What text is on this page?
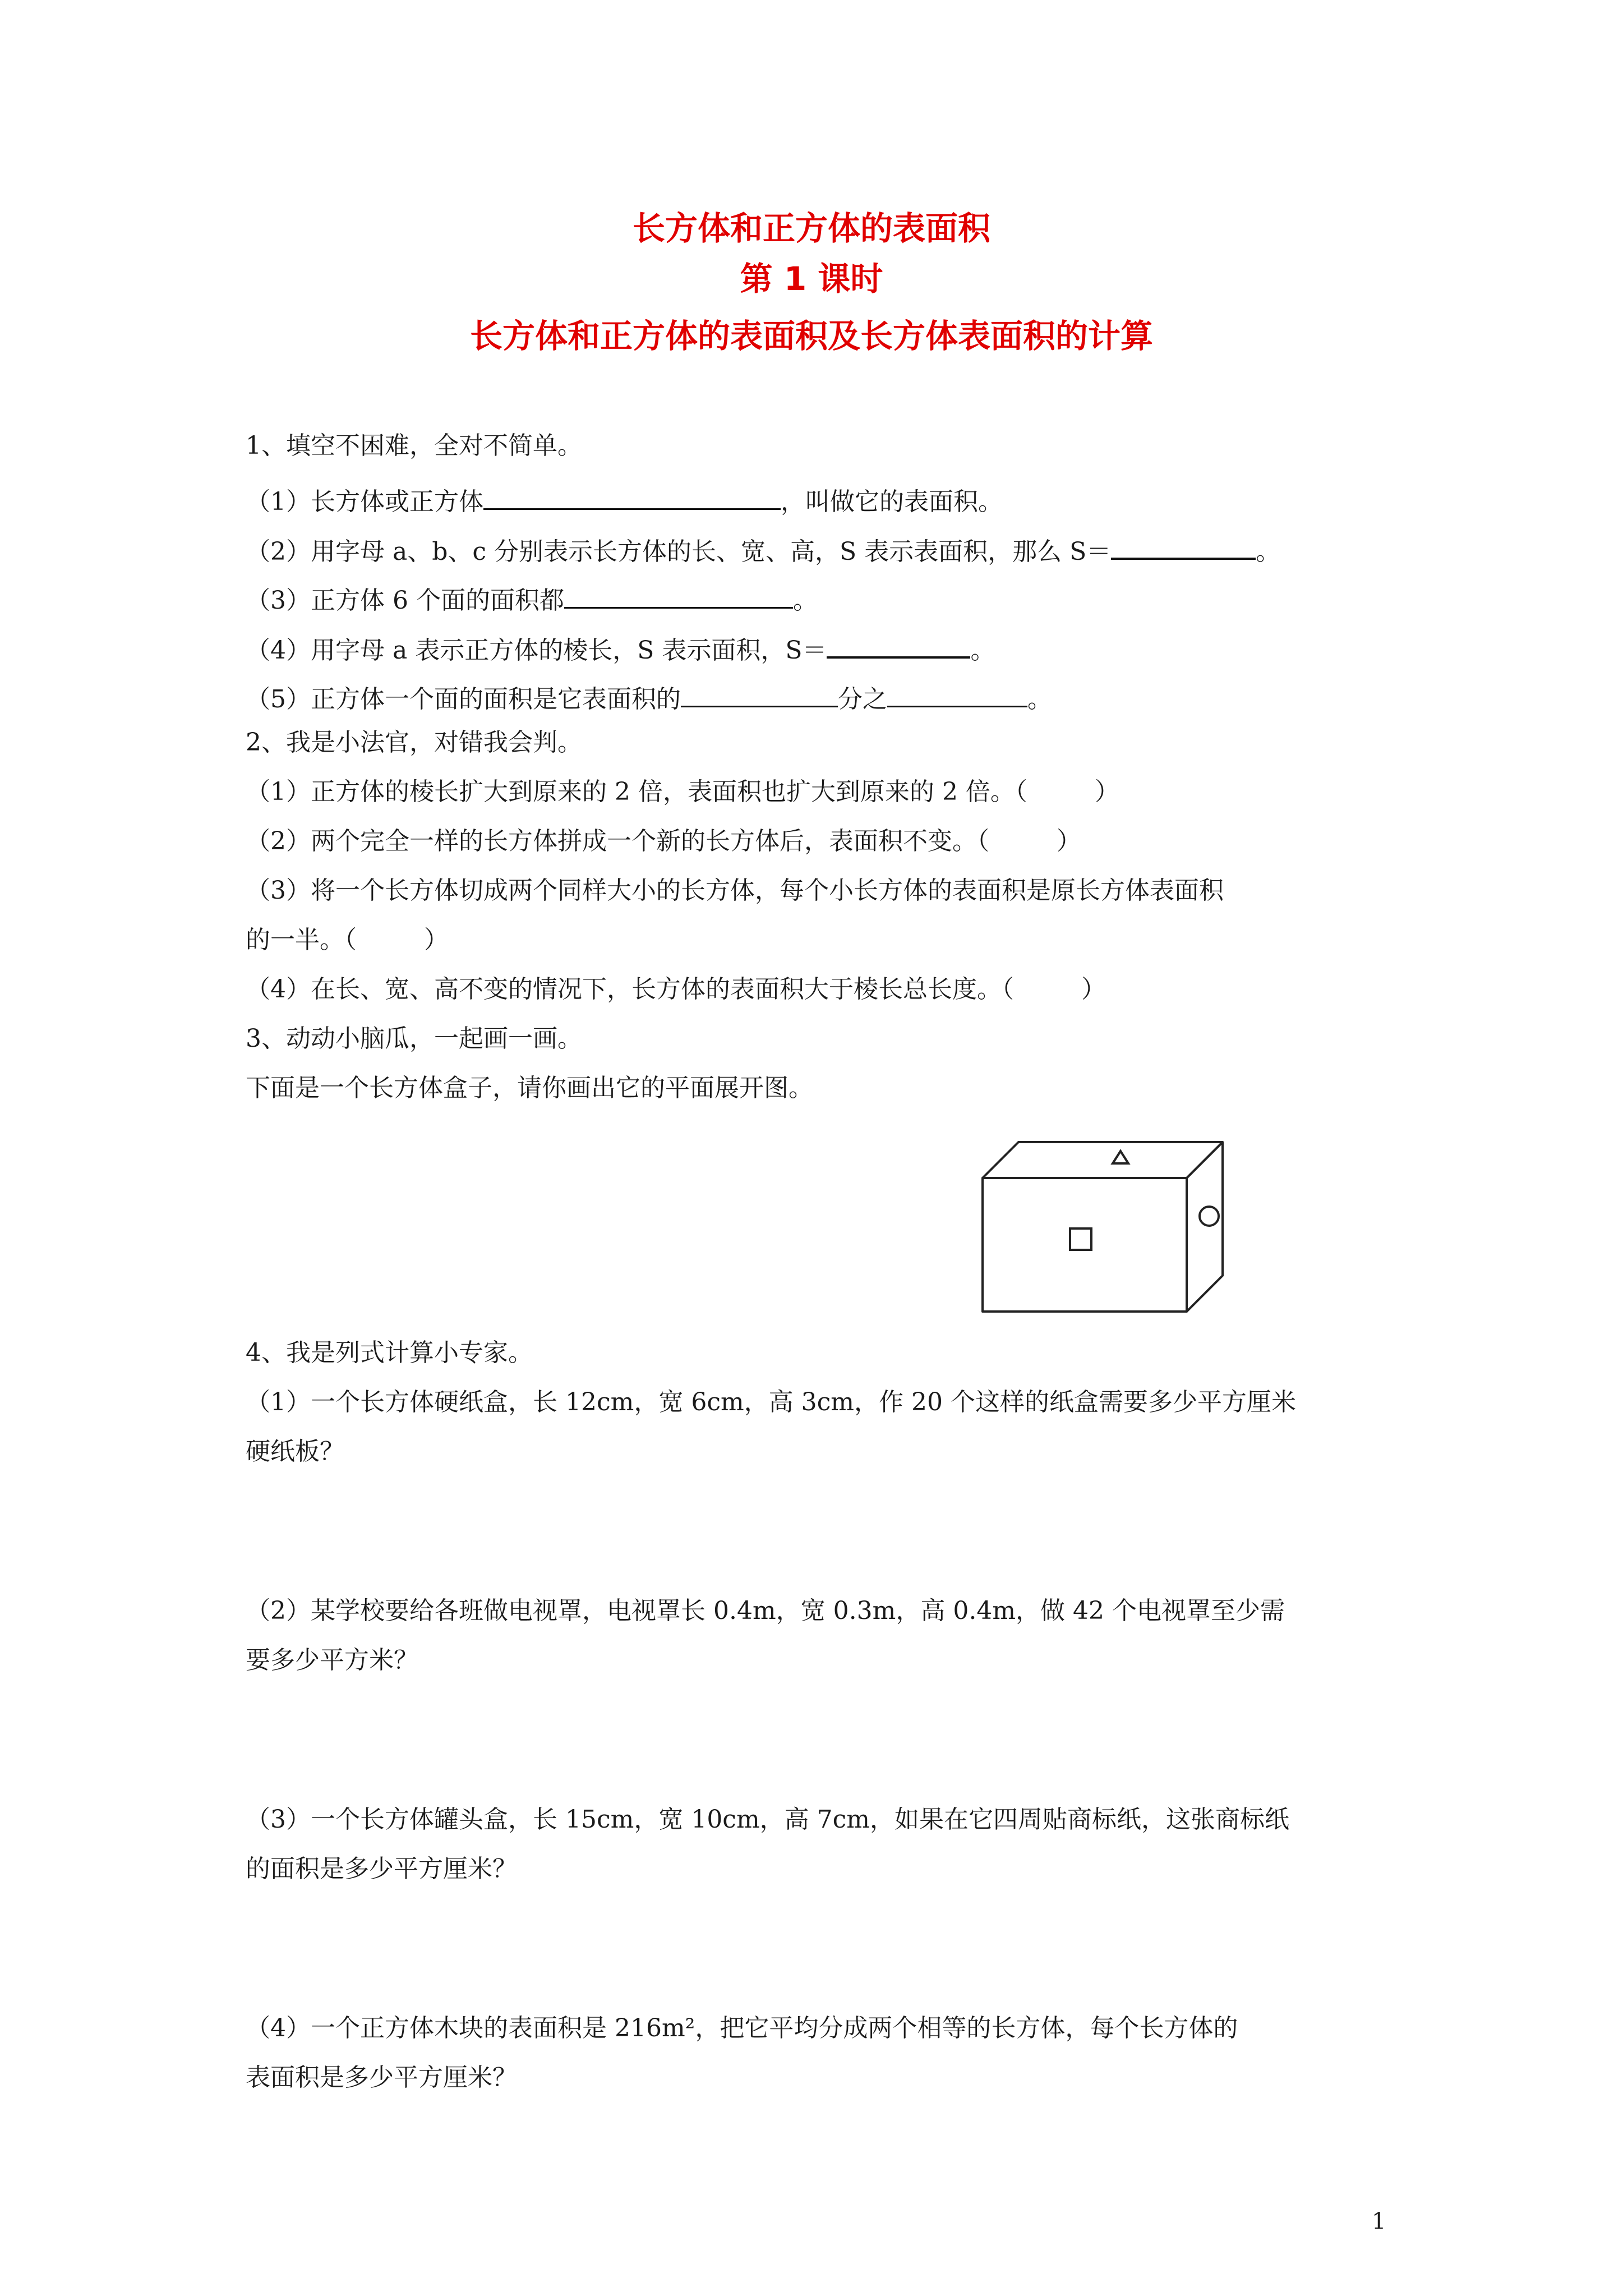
长方体和正方体的表面积
第 1 课时
长方体和正方体的表面积及长方体表面积的计算
1、填空不困难，全对不简单。
（1）长方体或正方体	，叫做它的表面积。
（2）用字母 a、b、c 分别表示长方体的长、宽、高，S 表示表面积，那么 S＝	。
（3）正方体 6 个面的面积都	。
（4）用字母 a 表示正方体的棱长，S 表示面积，S＝	。
（5）正方体一个面的面积是它表面积的	分之	。
2、我是小法官，对错我会判。
（1）正方体的棱长扩大到原来的 2 倍，表面积也扩大到原来的 2 倍。（	）
（2）两个完全一样的长方体拼成一个新的长方体后，表面积不变。（	）
（3）将一个长方体切成两个同样大小的长方体，每个小长方体的表面积是原长方体表面积
的一半。（	）
（4）在长、宽、高不变的情况下，长方体的表面积大于棱长总长度。（	）
3、动动小脑瓜，一起画一画。
下面是一个长方体盒子，请你画出它的平面展开图。
4、我是列式计算小专家。
（1）一个长方体硬纸盒，长 12cm，宽 6cm，高 3cm，作 20 个这样的纸盒需要多少平方厘米
硬纸板？
（2）某学校要给各班做电视罩，电视罩长 0.4m，宽 0.3m，高 0.4m，做 42 个电视罩至少需
要多少平方米？
（3）一个长方体罐头盒，长 15cm，宽 10cm，高 7cm，如果在它四周贴商标纸，这张商标纸
的面积是多少平方厘米？
（4）一个正方体木块的表面积是 216m²，把它平均分成两个相等的长方体，每个长方体的
表面积是多少平方厘米？
1
